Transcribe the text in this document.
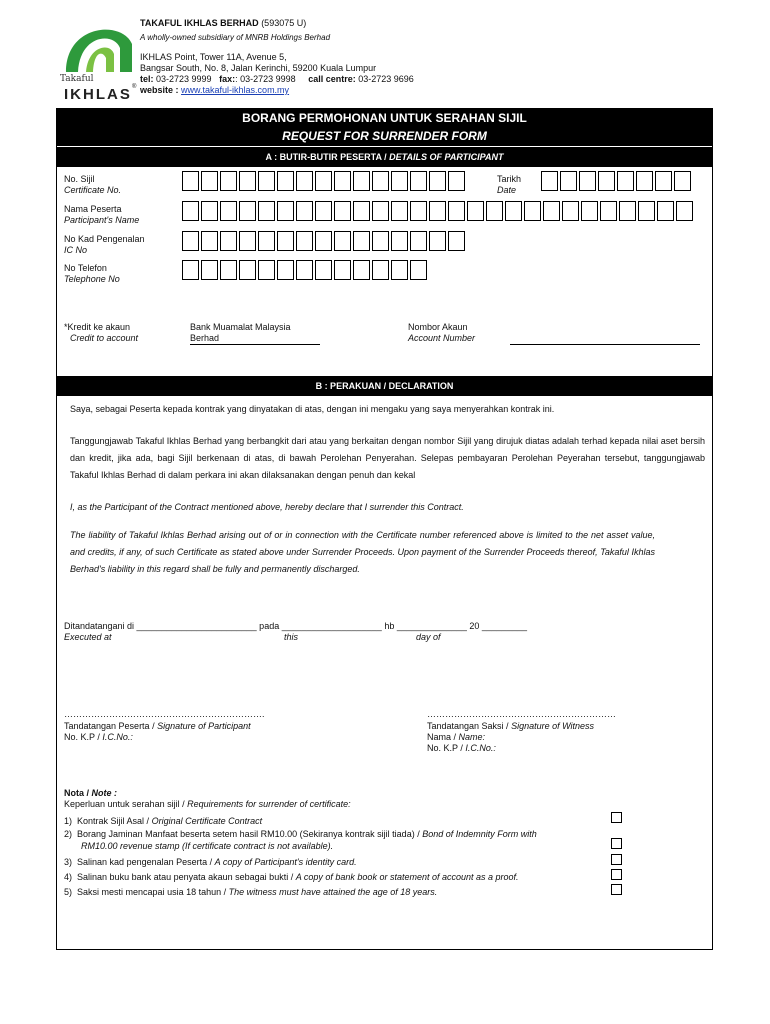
Takaful
IKHLAS ®
TAKAFUL IKHLAS BERHAD (593075 U)
A wholly-owned subsidiary of MNRB Holdings Berhad
IKHLAS Point, Tower 11A, Avenue 5,
Bangsar South, No. 8, Jalan Kerinchi, 59200 Kuala Lumpur
tel: 03-2723 9999 fax:: 03-2723 9998 call centre: 03-2723 9696
website : www.takaful-ikhlas.com.my
BORANG PERMOHONAN UNTUK SERAHAN SIJIL
REQUEST FOR SURRENDER FORM
A : BUTIR-BUTIR PESERTA / DETAILS OF PARTICIPANT
No. Sijil
Certificate No.
Tarikh
Date
Nama Peserta
Participant's Name
No Kad Pengenalan
IC No
No Telefon
Telephone No
*Kredit ke akaun
Credit to account
Bank Muamalat Malaysia
Berhad
Nombor Akaun
Account Number
B : PERAKUAN / DECLARATION
Saya, sebagai Peserta kepada kontrak yang dinyatakan di atas, dengan ini mengaku yang saya menyerahkan kontrak ini.
Tanggungjawab Takaful Ikhlas Berhad yang berbangkit dari atau yang berkaitan dengan nombor Sijil yang dirujuk diatas adalah terhad kepada nilai aset bersih dan kredit, jika ada, bagi Sijil berkenaan di atas, di bawah Perolehan Penyerahan. Selepas pembayaran Perolehan Peyerahan tersebut, tanggungjawab Takaful Ikhlas Berhad di dalam perkara ini akan dilaksanakan dengan penuh dan kekal
I, as the Participant of the Contract mentioned above, hereby declare that I surrender this Contract.
The liability of Takaful Ikhlas Berhad arising out of or in connection with the Certificate number referenced above is limited to the net asset value, and credits, if any, of such Certificate as stated above under Surrender Proceeds. Upon payment of the Surrender Proceeds thereof, Takaful Ikhlas Berhad's liability in this regard shall be fully and permanently discharged.
Ditandatangani di ________________________ pada ____________________ hb ______________ 20 _________
Executed at	this	day of
………………………………………………………….
Tandatangan Peserta / Signature of Participant
No. K.P / I.C.No.:
………………………………………………………
Tandatangan Saksi / Signature of Witness
Nama / Name:
No. K.P / I.C.No.:
Nota / Note :
Keperluan untuk serahan sijil / Requirements for surrender of certificate:
1) Kontrak Sijil Asal / Original Certificate Contract
2) Borang Jaminan Manfaat beserta setem hasil RM10.00 (Sekiranya kontrak sijil tiada) / Bond of Indemnity Form with
RM10.00 revenue stamp (If certificate contract is not available).
3) Salinan kad pengenalan Peserta / A copy of Participant's identity card.
4) Salinan buku bank atau penyata akaun sebagai bukti / A copy of bank book or statement of account as a proof.
5) Saksi mesti mencapai usia 18 tahun / The witness must have attained the age of 18 years.
